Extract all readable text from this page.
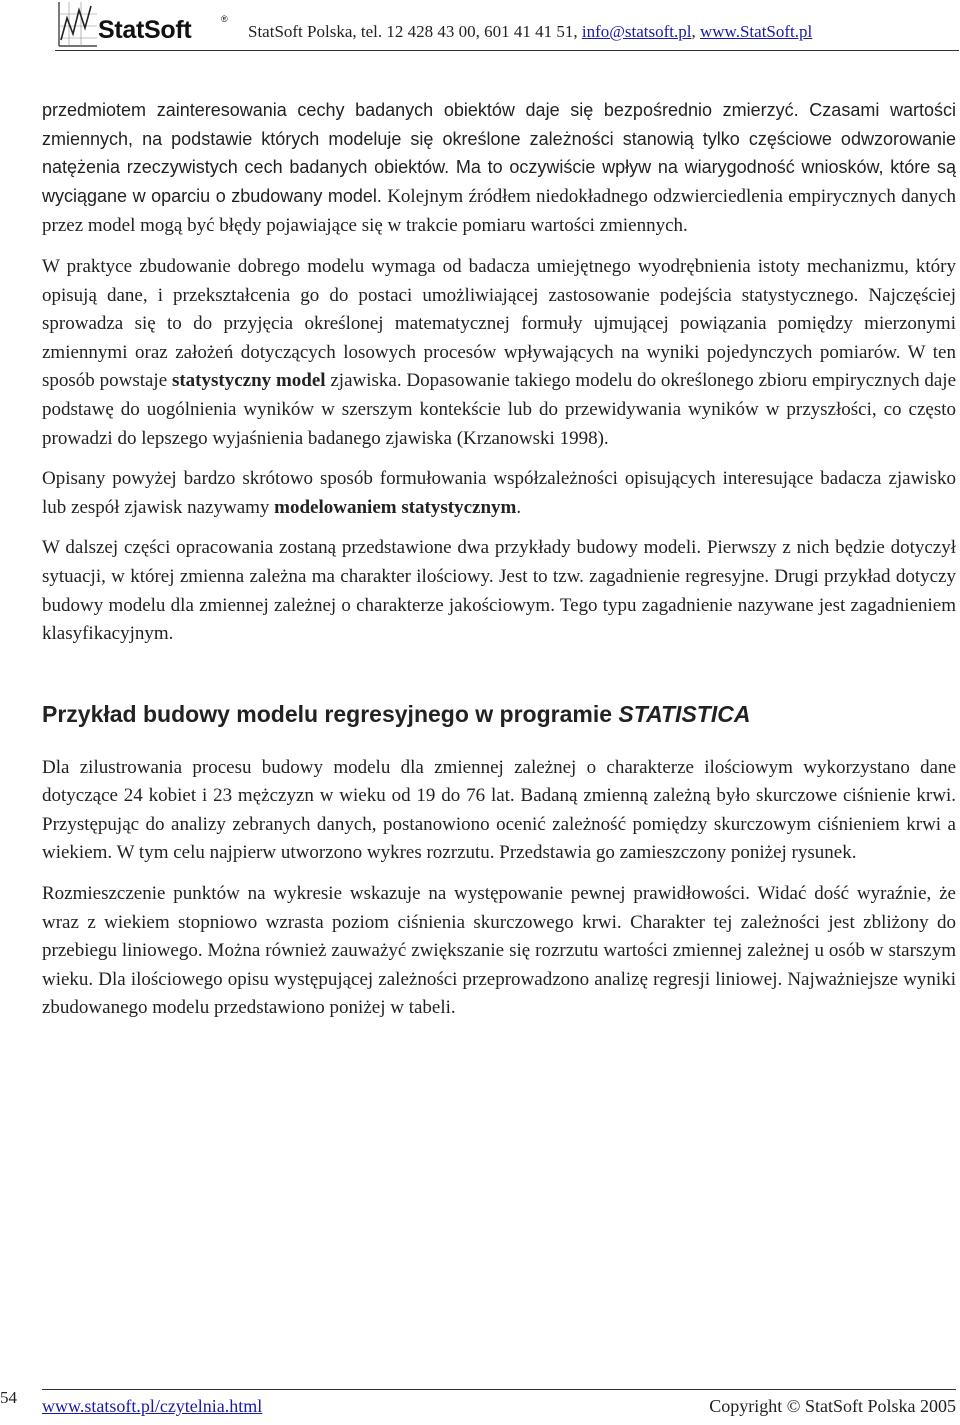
StatSoft	®
StatSoft Polska, tel. 12 428 43 00, 601 41 41 51, info@statsoft.pl, www.StatSoft.pl

przedmiotem zainteresowania cechy badanych obiektów daje się bezpośrednio zmierzyć. Czasami wartości zmiennych, na podstawie których modeluje się określone zależności stanowią tylko częściowe odwzorowanie natężenia rzeczywistych cech badanych obiektów. Ma to oczywiście wpływ na wiarygodność wniosków, które są wyciągane w oparciu o zbudowany model. Kolejnym źródłem niedokładnego odzwierciedlenia empirycznych danych przez model mogą być błędy pojawiające się w trakcie pomiaru wartości zmiennych.

W praktyce zbudowanie dobrego modelu wymaga od badacza umiejętnego wyodrębnienia istoty mechanizmu, który opisują dane, i przekształcenia go do postaci umożliwiającej zastosowanie podejścia statystycznego. Najczęściej sprowadza się to do przyjęcia określonej matematycznej formuły ujmującej powiązania pomiędzy mierzonymi zmiennymi oraz założeń dotyczących losowych procesów wpływających na wyniki pojedynczych pomiarów. W ten sposób powstaje statystyczny model zjawiska. Dopasowanie takiego modelu do określonego zbioru empirycznych daje podstawę do uogólnienia wyników w szerszym kontekście lub do przewidywania wyników w przyszłości, co często prowadzi do lepszego wyjaśnienia badanego zjawiska (Krzanowski 1998).

Opisany powyżej bardzo skrótowo sposób formułowania współzależności opisujących interesujące badacza zjawisko lub zespół zjawisk nazywamy modelowaniem statystycznym.

W dalszej części opracowania zostaną przedstawione dwa przykłady budowy modeli. Pierwszy z nich będzie dotyczył sytuacji, w której zmienna zależna ma charakter ilościowy. Jest to tzw. zagadnienie regresyjne. Drugi przykład dotyczy budowy modelu dla zmiennej zależnej o charakterze jakościowym. Tego typu zagadnienie nazywane jest zagadnieniem klasyfikacyjnym.

Przykład budowy modelu regresyjnego w programie STATISTICA

Dla zilustrowania procesu budowy modelu dla zmiennej zależnej o charakterze ilościowym wykorzystano dane dotyczące 24 kobiet i 23 mężczyzn w wieku od 19 do 76 lat. Badaną zmienną zależną było skurczowe ciśnienie krwi. Przystępując do analizy zebranych danych, postanowiono ocenić zależność pomiędzy skurczowym ciśnieniem krwi a wiekiem. W tym celu najpierw utworzono wykres rozrzutu. Przedstawia go zamieszczony poniżej rysunek.

Rozmieszczenie punktów na wykresie wskazuje na występowanie pewnej prawidłowości. Widać dość wyraźnie, że wraz z wiekiem stopniowo wzrasta poziom ciśnienia skurczowego krwi. Charakter tej zależności jest zbliżony do przebiegu liniowego. Można również zauważyć zwiększanie się rozrzutu wartości zmiennej zależnej u osób w starszym wieku. Dla ilościowego opisu występującej zależności przeprowadzono analizę regresji liniowej. Najważniejsze wyniki zbudowanego modelu przedstawiono poniżej w tabeli.

54 www.statsoft.pl/czytelnia.html	Copyright © StatSoft Polska 2005
